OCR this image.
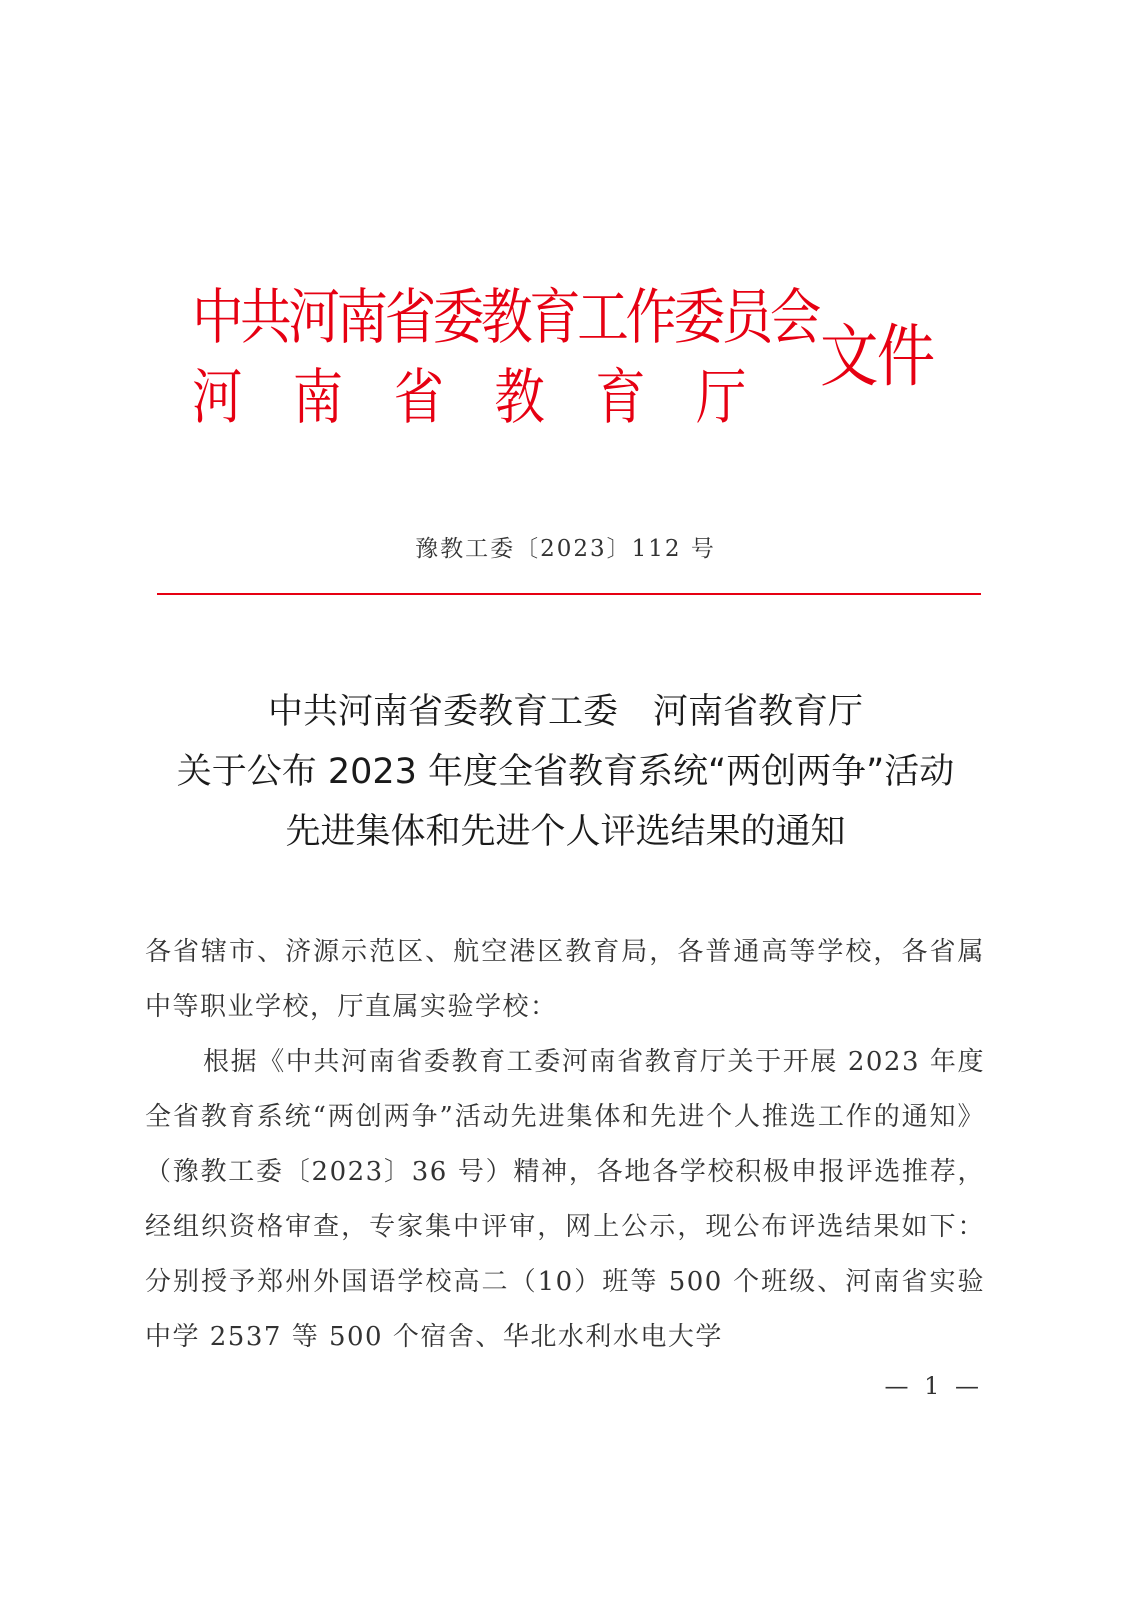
中共河南省委教育工作委员会
河南省教育厅
文件
豫教工委〔2023〕112 号
中共河南省委教育工委　河南省教育厅
关于公布 2023 年度全省教育系统“两创两争”活动
先进集体和先进个人评选结果的通知

各省辖市、济源示范区、航空港区教育局，各普通高等学校，各省属中等职业学校，厅直属实验学校：

根据《中共河南省委教育工委河南省教育厅关于开展 2023 年度全省教育系统“两创两争”活动先进集体和先进个人推选工作的通知》（豫教工委〔2023〕36 号）精神，各地各学校积极申报评选推荐，经组织资格审查，专家集中评审，网上公示，现公布评选结果如下：分别授予郑州外国语学校高二（10）班等 500 个班级、河南省实验中学 2537 等 500 个宿舍、华北水利水电大学

— 1 —
